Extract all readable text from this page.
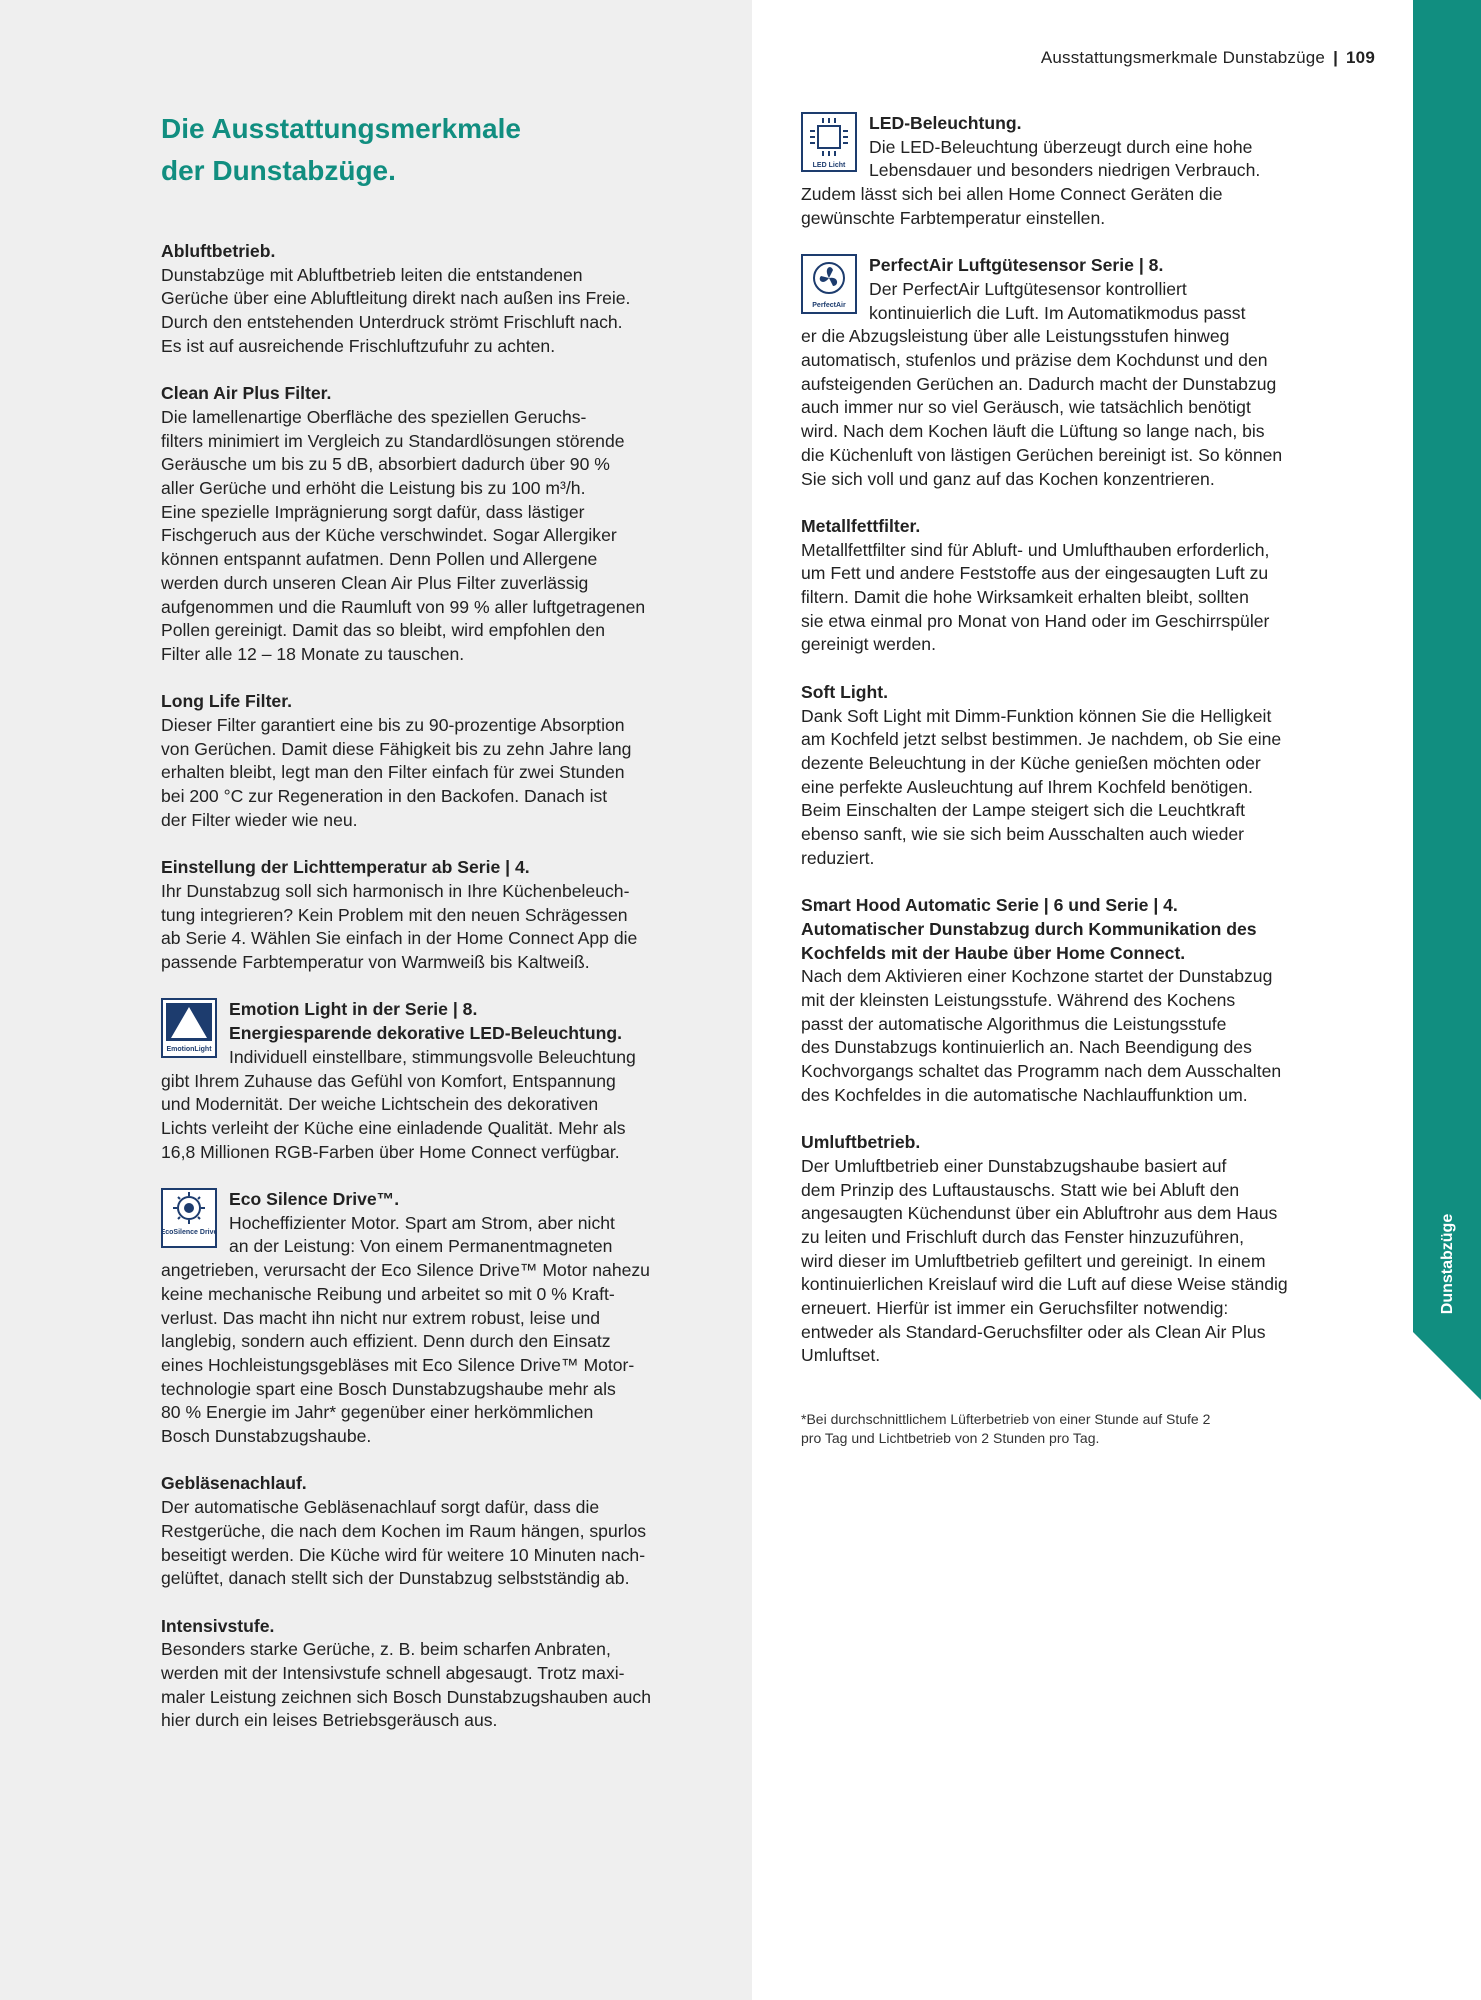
Dunstabzüge
Ausstattungsmerkmale Dunstabzüge | 109
Die Ausstattungsmerkmale
der Dunstabzüge.
Abluftbetrieb.
Dunstabzüge mit Abluftbetrieb leiten die entstandenen
Gerüche über eine Abluftleitung direkt nach außen ins Freie.
Durch den entstehenden Unterdruck strömt Frischluft nach.
Es ist auf ausreichende Frischluftzufuhr zu achten.
Clean Air Plus Filter.
Die lamellenartige Oberfläche des speziellen Geruchs-
filters minimiert im Vergleich zu Standardlösungen störende
Geräusche um bis zu 5 dB, absorbiert dadurch über 90 %
aller Gerüche und erhöht die Leistung bis zu 100 m³/h.
Eine spezielle Imprägnierung sorgt dafür, dass lästiger
Fischgeruch aus der Küche verschwindet. Sogar Allergiker
können entspannt aufatmen. Denn Pollen und Allergene
werden durch unseren Clean Air Plus Filter zuverlässig
aufgenommen und die Raumluft von 99 % aller luftgetragenen
Pollen gereinigt. Damit das so bleibt, wird empfohlen den
Filter alle 12 – 18 Monate zu tauschen.
Long Life Filter.
Dieser Filter garantiert eine bis zu 90-prozentige Absorption
von Gerüchen. Damit diese Fähigkeit bis zu zehn Jahre lang
erhalten bleibt, legt man den Filter einfach für zwei Stunden
bei 200 °C zur Regeneration in den Backofen. Danach ist
der Filter wieder wie neu.
Einstellung der Lichttemperatur ab Serie | 4.
Ihr Dunstabzug soll sich harmonisch in Ihre Küchenbeleuch-
tung integrieren? Kein Problem mit den neuen Schrägessen
ab Serie 4. Wählen Sie einfach in der Home Connect App die
passende Farbtemperatur von Warmweiß bis Kaltweiß.
EmotionLight
Emotion Light in der Serie | 8.
Energiesparende dekorative LED-Beleuchtung.
Individuell einstellbare, stimmungsvolle Beleuchtung
gibt Ihrem Zuhause das Gefühl von Komfort, Entspannung
und Modernität. Der weiche Lichtschein des dekorativen
Lichts verleiht der Küche eine einladende Qualität. Mehr als
16,8 Millionen RGB-Farben über Home Connect verfügbar.
EcoSilence Drive
Eco Silence Drive™.
Hocheffizienter Motor. Spart am Strom, aber nicht
an der Leistung: Von einem Permanentmagneten
angetrieben, verursacht der Eco Silence Drive™ Motor nahezu
keine mechanische Reibung und arbeitet so mit 0 % Kraft-
verlust. Das macht ihn nicht nur extrem robust, leise und
langlebig, sondern auch effizient. Denn durch den Einsatz
eines Hochleistungsgebläses mit Eco Silence Drive™ Motor-
technologie spart eine Bosch Dunstabzugshaube mehr als
80 % Energie im Jahr* gegenüber einer herkömmlichen
Bosch Dunstabzugshaube.
Gebläsenachlauf.
Der automatische Gebläsenachlauf sorgt dafür, dass die
Restgerüche, die nach dem Kochen im Raum hängen, spurlos
beseitigt werden. Die Küche wird für weitere 10 Minuten nach-
gelüftet, danach stellt sich der Dunstabzug selbstständig ab.
Intensivstufe.
Besonders starke Gerüche, z. B. beim scharfen Anbraten,
werden mit der Intensivstufe schnell abgesaugt. Trotz maxi-
maler Leistung zeichnen sich Bosch Dunstabzugshauben auch
hier durch ein leises Betriebsgeräusch aus.
LED Licht
LED-Beleuchtung.
Die LED-Beleuchtung überzeugt durch eine hohe
Lebensdauer und besonders niedrigen Verbrauch.
Zudem lässt sich bei allen Home Connect Geräten die
gewünschte Farbtemperatur einstellen.
PerfectAir
PerfectAir Luftgütesensor Serie | 8.
Der PerfectAir Luftgütesensor kontrolliert
kontinuierlich die Luft. Im Automatikmodus passt
er die Abzugsleistung über alle Leistungsstufen hinweg
automatisch, stufenlos und präzise dem Kochdunst und den
aufsteigenden Gerüchen an. Dadurch macht der Dunstabzug
auch immer nur so viel Geräusch, wie tatsächlich benötigt
wird. Nach dem Kochen läuft die Lüftung so lange nach, bis
die Küchenluft von lästigen Gerüchen bereinigt ist. So können
Sie sich voll und ganz auf das Kochen konzentrieren.
Metallfettfilter.
Metallfettfilter sind für Abluft- und Umlufthauben erforderlich,
um Fett und andere Feststoffe aus der eingesaugten Luft zu
filtern. Damit die hohe Wirksamkeit erhalten bleibt, sollten
sie etwa einmal pro Monat von Hand oder im Geschirrspüler
gereinigt werden.
Soft Light.
Dank Soft Light mit Dimm-Funktion können Sie die Helligkeit
am Kochfeld jetzt selbst bestimmen. Je nachdem, ob Sie eine
dezente Beleuchtung in der Küche genießen möchten oder
eine perfekte Ausleuchtung auf Ihrem Kochfeld benötigen.
Beim Einschalten der Lampe steigert sich die Leuchtkraft
ebenso sanft, wie sie sich beim Ausschalten auch wieder
reduziert.
Smart Hood Automatic Serie | 6 und Serie | 4.
Automatischer Dunstabzug durch Kommunikation des
Kochfelds mit der Haube über Home Connect.
Nach dem Aktivieren einer Kochzone startet der Dunstabzug
mit der kleinsten Leistungsstufe. Während des Kochens
passt der automatische Algorithmus die Leistungsstufe
des Dunstabzugs kontinuierlich an. Nach Beendigung des
Kochvorgangs schaltet das Programm nach dem Ausschalten
des Kochfeldes in die automatische Nachlauffunktion um.
Umluftbetrieb.
Der Umluftbetrieb einer Dunstabzugshaube basiert auf
dem Prinzip des Luftaustauschs. Statt wie bei Abluft den
angesaugten Küchendunst über ein Abluftrohr aus dem Haus
zu leiten und Frischluft durch das Fenster hinzuzuführen,
wird dieser im Umluftbetrieb gefiltert und gereinigt. In einem
kontinuierlichen Kreislauf wird die Luft auf diese Weise ständig
erneuert. Hierfür ist immer ein Geruchsfilter notwendig:
entweder als Standard-Geruchsfilter oder als Clean Air Plus
Umluftset.
*Bei durchschnittlichem Lüfterbetrieb von einer Stunde auf Stufe 2
pro Tag und Lichtbetrieb von 2 Stunden pro Tag.
